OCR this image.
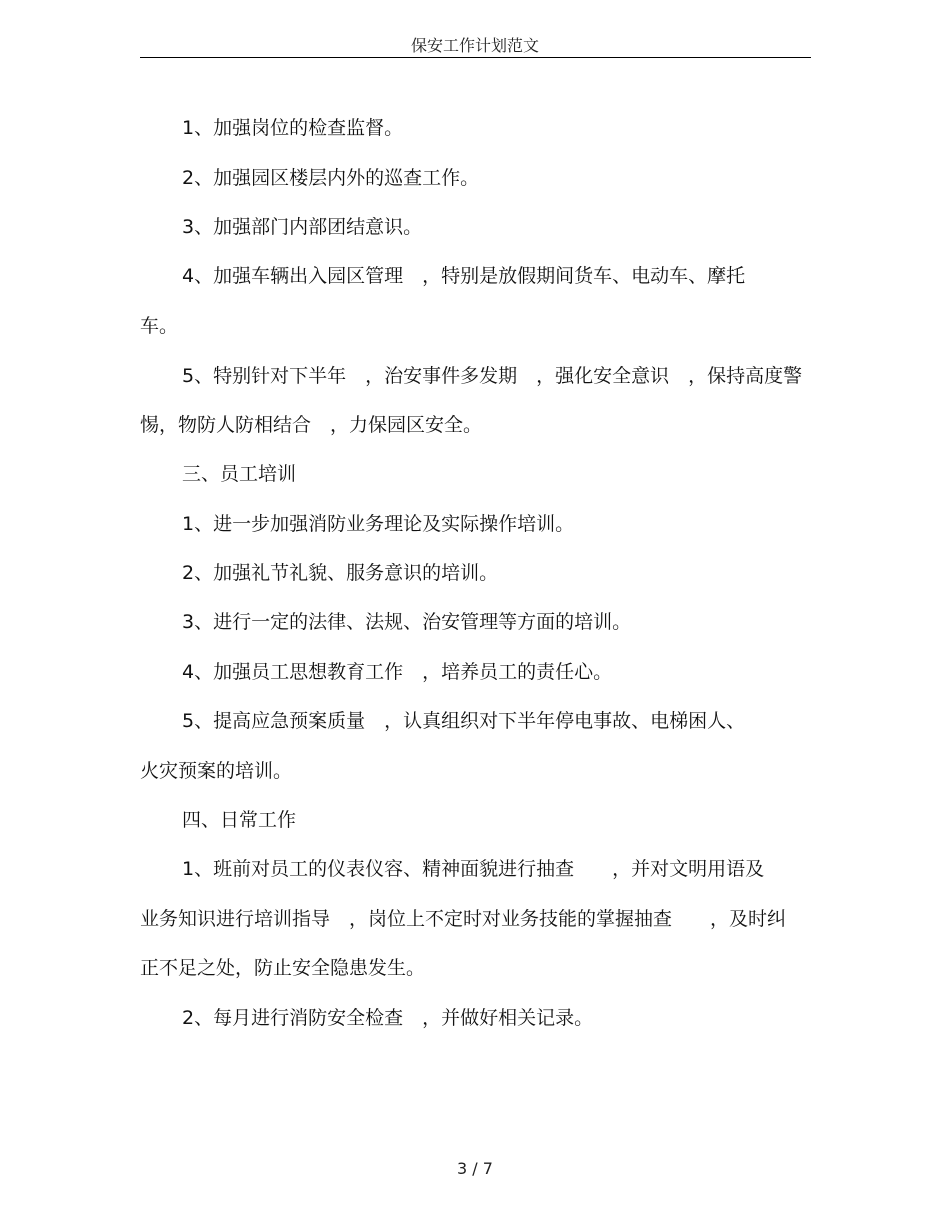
保安工作计划范文
1、加强岗位的检查监督。
2、加强园区楼层内外的巡查工作。
3、加强部门内部团结意识。
4、加强车辆出入园区管理　，特别是放假期间货车、电动车、摩托
车。
5、特别针对下半年　，治安事件多发期　，强化安全意识　，保持高度警
惕，物防人防相结合　，力保园区安全。
三、员工培训
1、进一步加强消防业务理论及实际操作培训。
2、加强礼节礼貌、服务意识的培训。
3、进行一定的法律、法规、治安管理等方面的培训。
4、加强员工思想教育工作　，培养员工的责任心。
5、提高应急预案质量　，认真组织对下半年停电事故、电梯困人、
火灾预案的培训。
四、日常工作
1、班前对员工的仪表仪容、精神面貌进行抽查　　，并对文明用语及
业务知识进行培训指导　，岗位上不定时对业务技能的掌握抽查　　，及时纠
正不足之处，防止安全隐患发生。
2、每月进行消防安全检查　，并做好相关记录。
3 / 7
